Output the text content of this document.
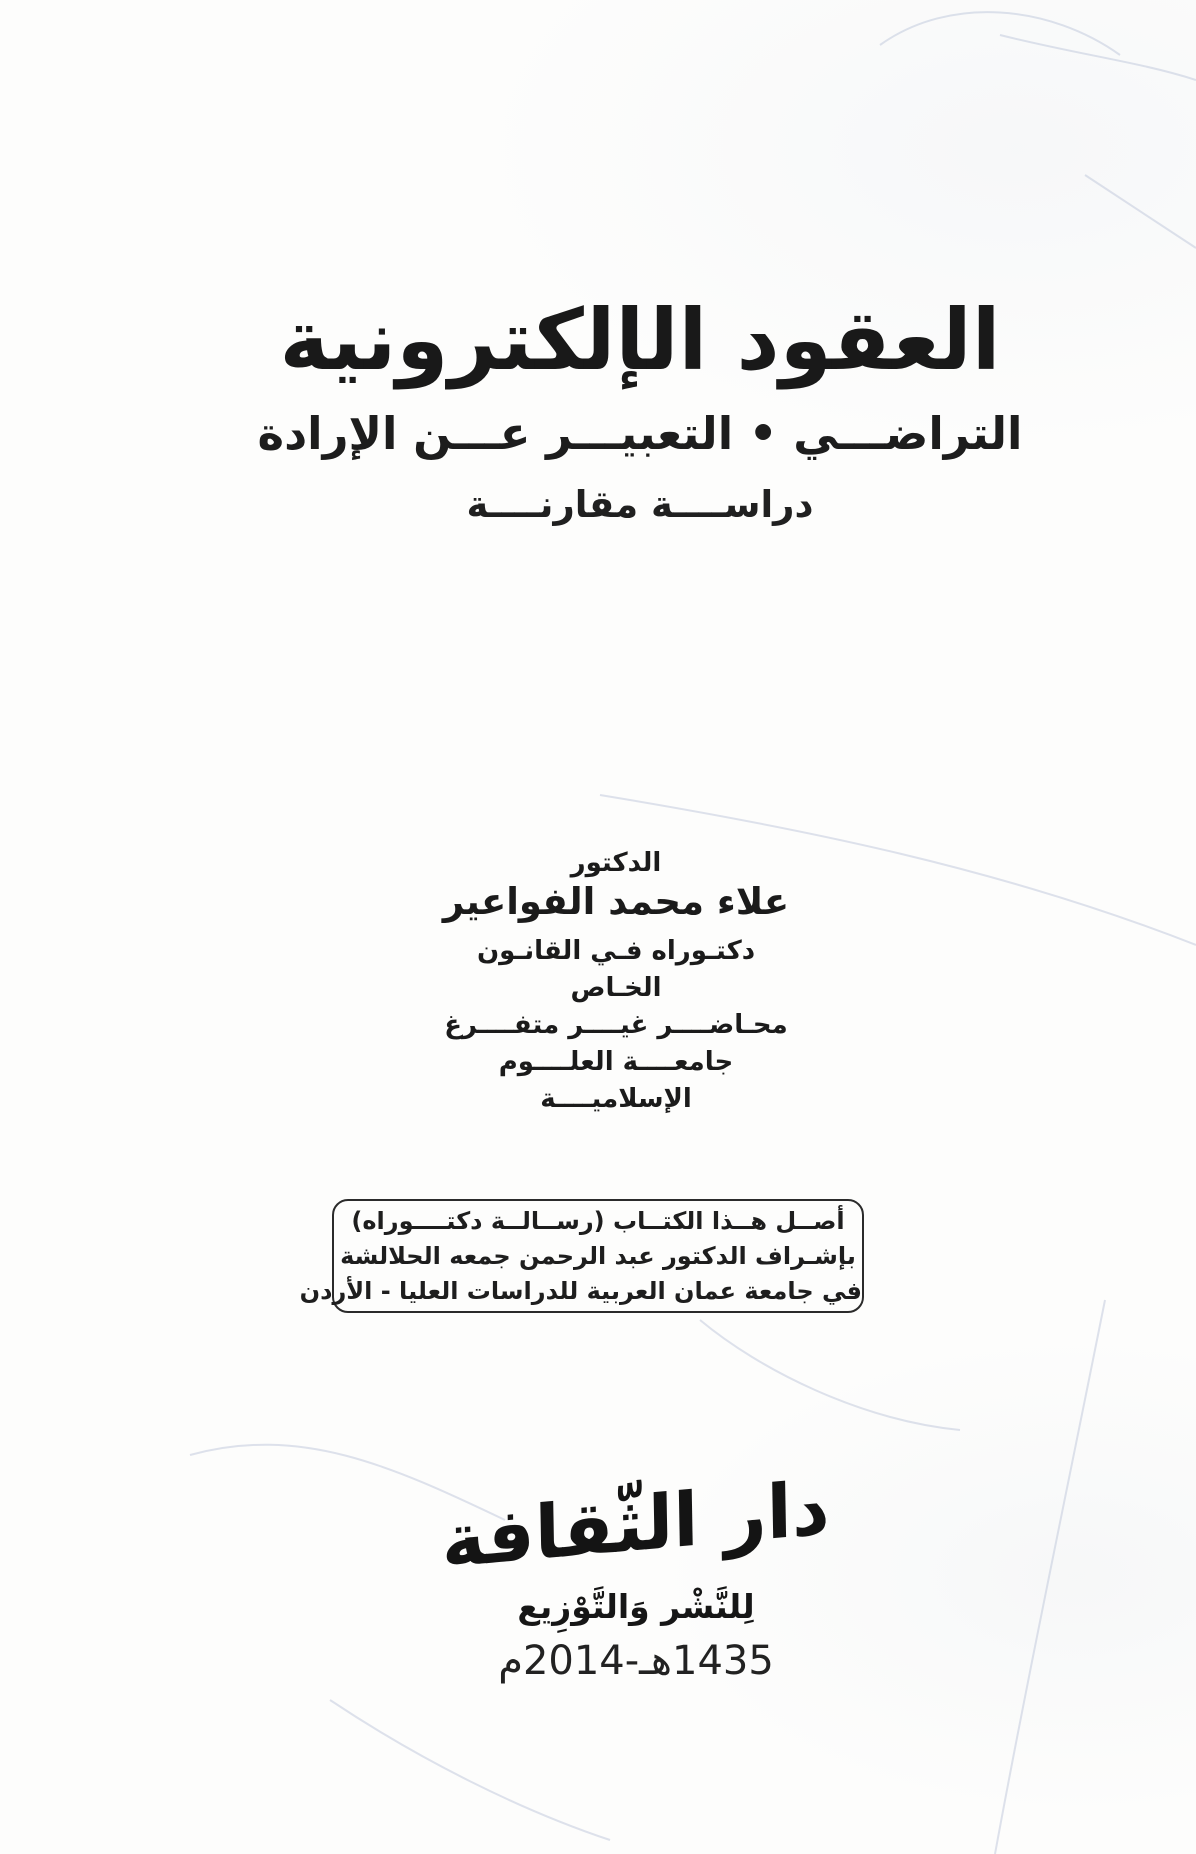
العقود الإلكترونية
التراضـــي • التعبيـــر عـــن الإرادة
دراســــة مقارنــــة
الدكتور
علاء محمد الفواعير
دكتـوراه فـي القانـون الخـاص
محـاضــــر غيــــر متفــــرغ
جامعــــة العلــــوم الإسلاميــــة
أصــل هــذا الكتــاب (رســالــة دكتــــوراه)
بإشـراف الدكتور عبد الرحمن جمعه الحلالشة
في جامعة عمان العربية للدراسات العليا - الأردن
دار الثّقافة
لِلنَّشْر وَالتَّوْزِيع
1435هـ-2014م
